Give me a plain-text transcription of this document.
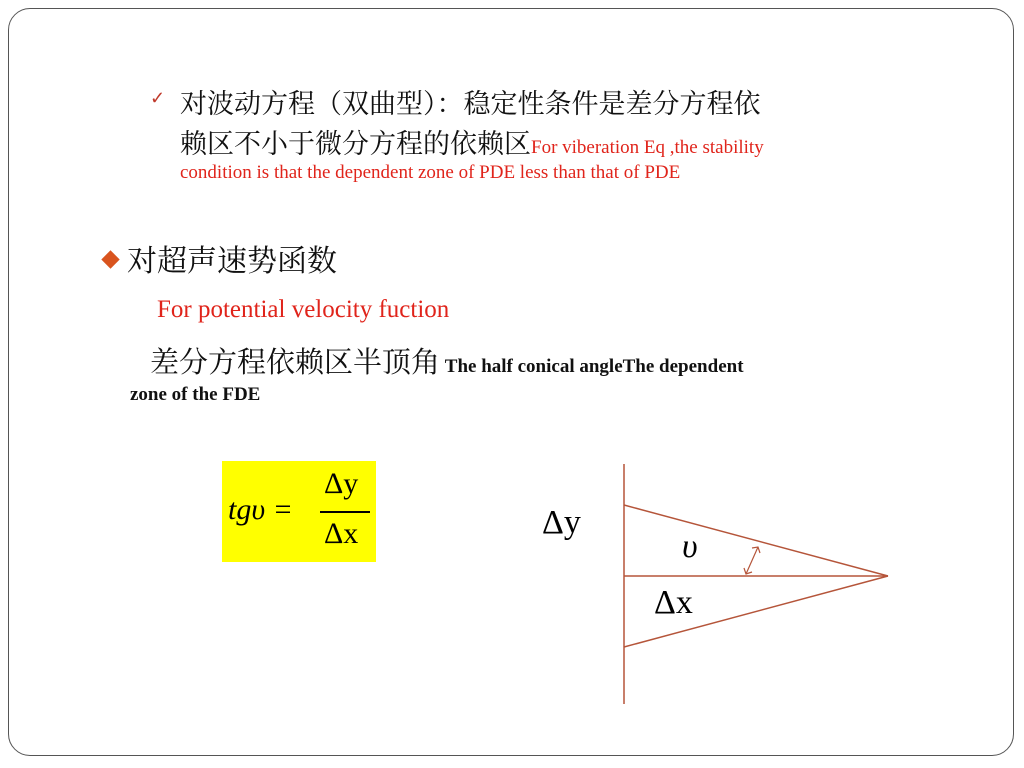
✓ 对波动方程（双曲型）：稳定性条件是差分方程依
赖区不小于微分方程的依赖区For viberation Eq ,the stability
condition is that the dependent zone of PDE less than that of PDE
对超声速势函数
For potential velocity fuction
差分方程依赖区半顶角 The half conical angleThe dependent
zone of the FDE
tgυ =
Δy
Δx	Δy
υ
Δx
